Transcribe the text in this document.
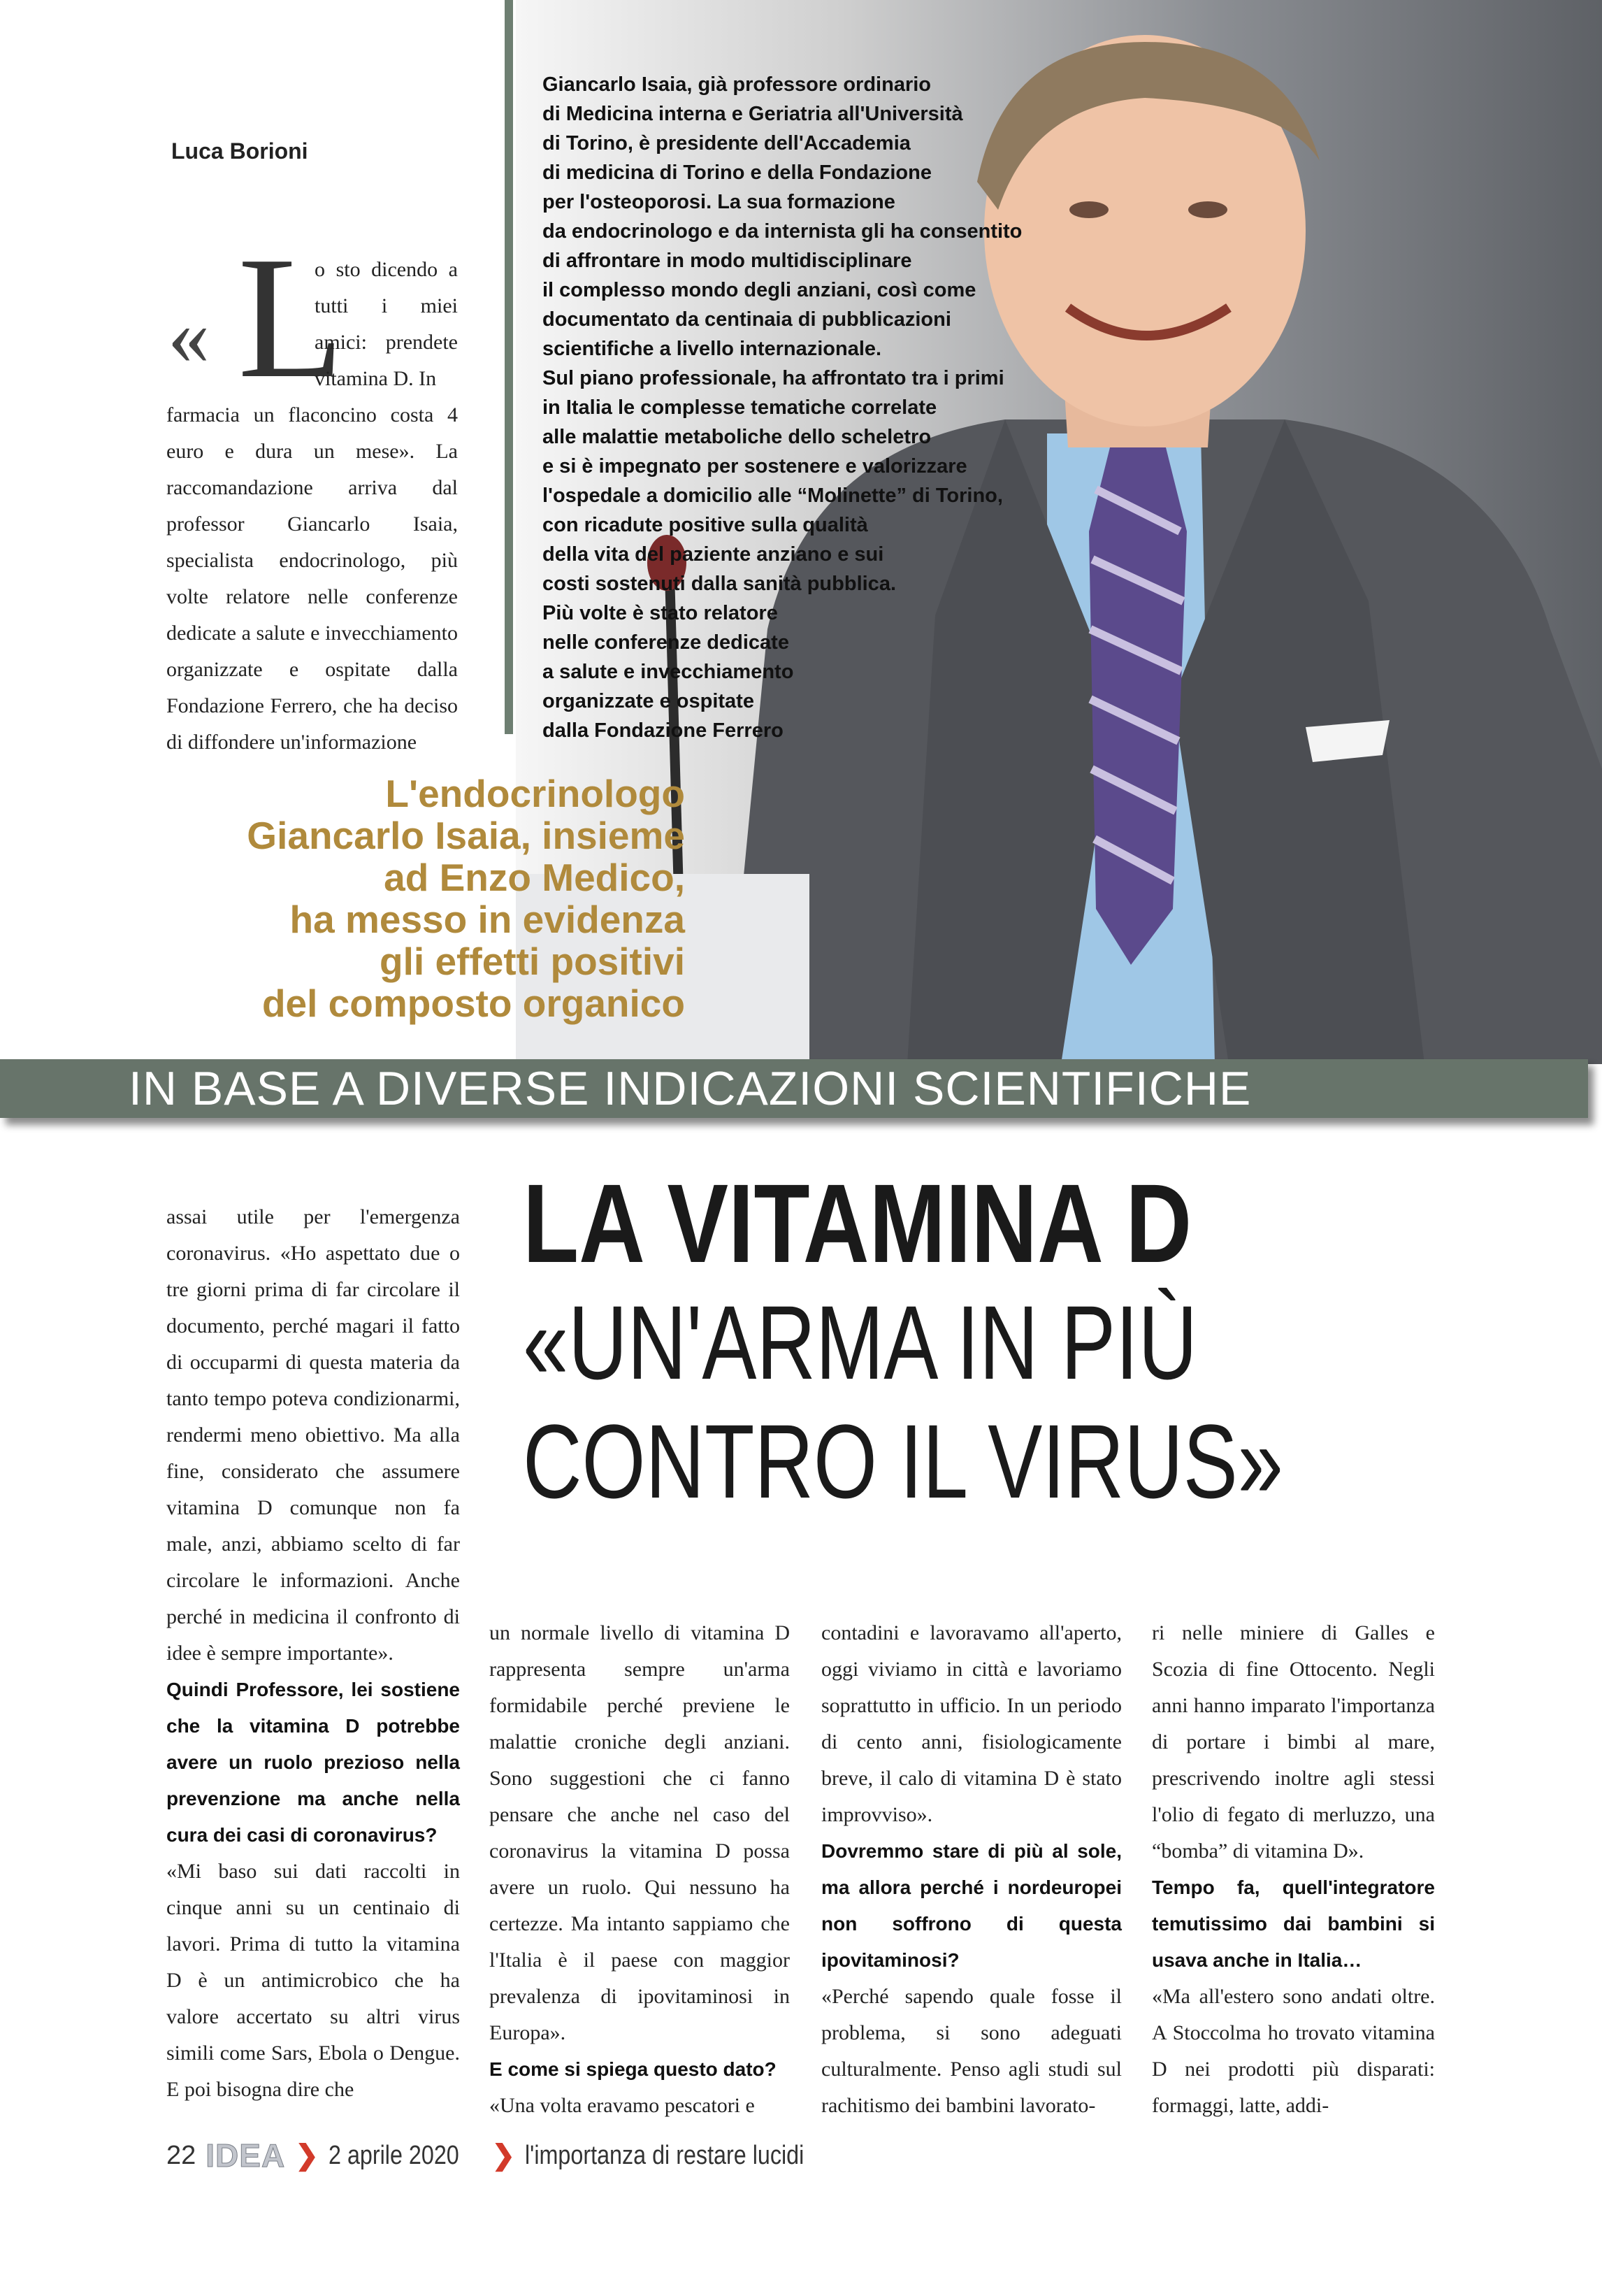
Luca Borioni
« L
o sto dicendo a tutti i miei amici: prendete vitamina D. In
farmacia un flaconcino costa 4 euro e dura un mese». La raccomandazione arriva dal professor Giancarlo Isaia, specialista endocrinologo, più volte relatore nelle conferenze dedicate a salute e invecchiamento organizzate e ospitate dalla Fondazione Ferrero, che ha deciso di diffondere un'informazione
Giancarlo Isaia, già professore ordinario
di Medicina interna e Geriatria all'Università
di Torino, è presidente dell'Accademia
di medicina di Torino e della Fondazione
per l'osteoporosi. La sua formazione
da endocrinologo e da internista gli ha consentito
di affrontare in modo multidisciplinare
il complesso mondo degli anziani, così come
documentato da centinaia di pubblicazioni
scientifiche a livello internazionale.
Sul piano professionale, ha affrontato tra i primi
in Italia le complesse tematiche correlate
alle malattie metaboliche dello scheletro
e si è impegnato per sostenere e valorizzare
l'ospedale a domicilio alle “Molinette” di Torino,
con ricadute positive sulla qualità
della vita del paziente anziano e sui
costi sostenuti dalla sanità pubblica.
Più volte è stato relatore
nelle conferenze dedicate
a salute e invecchiamento
organizzate e ospitate
dalla Fondazione Ferrero
L'endocrinologo
Giancarlo Isaia, insieme
ad Enzo Medico,
ha messo in evidenza
gli effetti positivi
del composto organico
IN BASE A DIVERSE INDICAZIONI SCIENTIFICHE
LA VITAMINA D
«UN'ARMA IN PIÙ
CONTRO IL VIRUS»
assai utile per l'emergenza coronavirus. «Ho aspettato due o tre giorni prima di far circolare il documento, perché magari il fatto di occuparmi di questa materia da tanto tempo poteva condizionarmi, rendermi meno obiettivo. Ma alla fine, considerato che assumere vitamina D comunque non fa male, anzi, abbiamo scelto di far circolare le informazioni. Anche perché in medicina il confronto di idee è sempre importante».
Quindi Professore, lei sostiene che la vitamina D potrebbe avere un ruolo prezioso nella prevenzione ma anche nella cura dei casi di coronavirus?
«Mi baso sui dati raccolti in cinque anni su un centinaio di lavori. Prima di tutto la vitamina D è un antimicrobico che ha valore accertato su altri virus simili come Sars, Ebola o Dengue. E poi bisogna dire che
un normale livello di vitamina D rappresenta sempre un'arma formidabile perché previene le malattie croniche degli anziani. Sono suggestioni che ci fanno pensare che anche nel caso del coronavirus la vitamina D possa avere un ruolo. Qui nessuno ha certezze. Ma intanto sappiamo che l'Italia è il paese con maggior prevalenza di ipovitaminosi in Europa».
E come si spiega questo dato?
«Una volta eravamo pescatori e
contadini e lavoravamo all'aperto, oggi viviamo in città e lavoriamo soprattutto in ufficio. In un periodo di cento anni, fisiologicamente breve, il calo di vitamina D è stato improvviso».
Dovremmo stare di più al sole, ma allora perché i nordeuropei non soffrono di questa ipovitaminosi?
«Perché sapendo quale fosse il problema, si sono adeguati culturalmente. Penso agli studi sul rachitismo dei bambini lavorato-
ri nelle miniere di Galles e Scozia di fine Ottocento. Negli anni hanno imparato l'importanza di portare i bimbi al mare, prescrivendo inoltre agli stessi l'olio di fegato di merluzzo, una “bomba” di vitamina D».
Tempo fa, quell'integratore temutissimo dai bambini si usava anche in Italia…
«Ma all'estero sono andati oltre. A Stoccolma ho trovato vitamina D nei prodotti più disparati: formaggi, latte, addi-
22 IDEA ❯ 2 aprile 2020 ❯ l'importanza di restare lucidi
